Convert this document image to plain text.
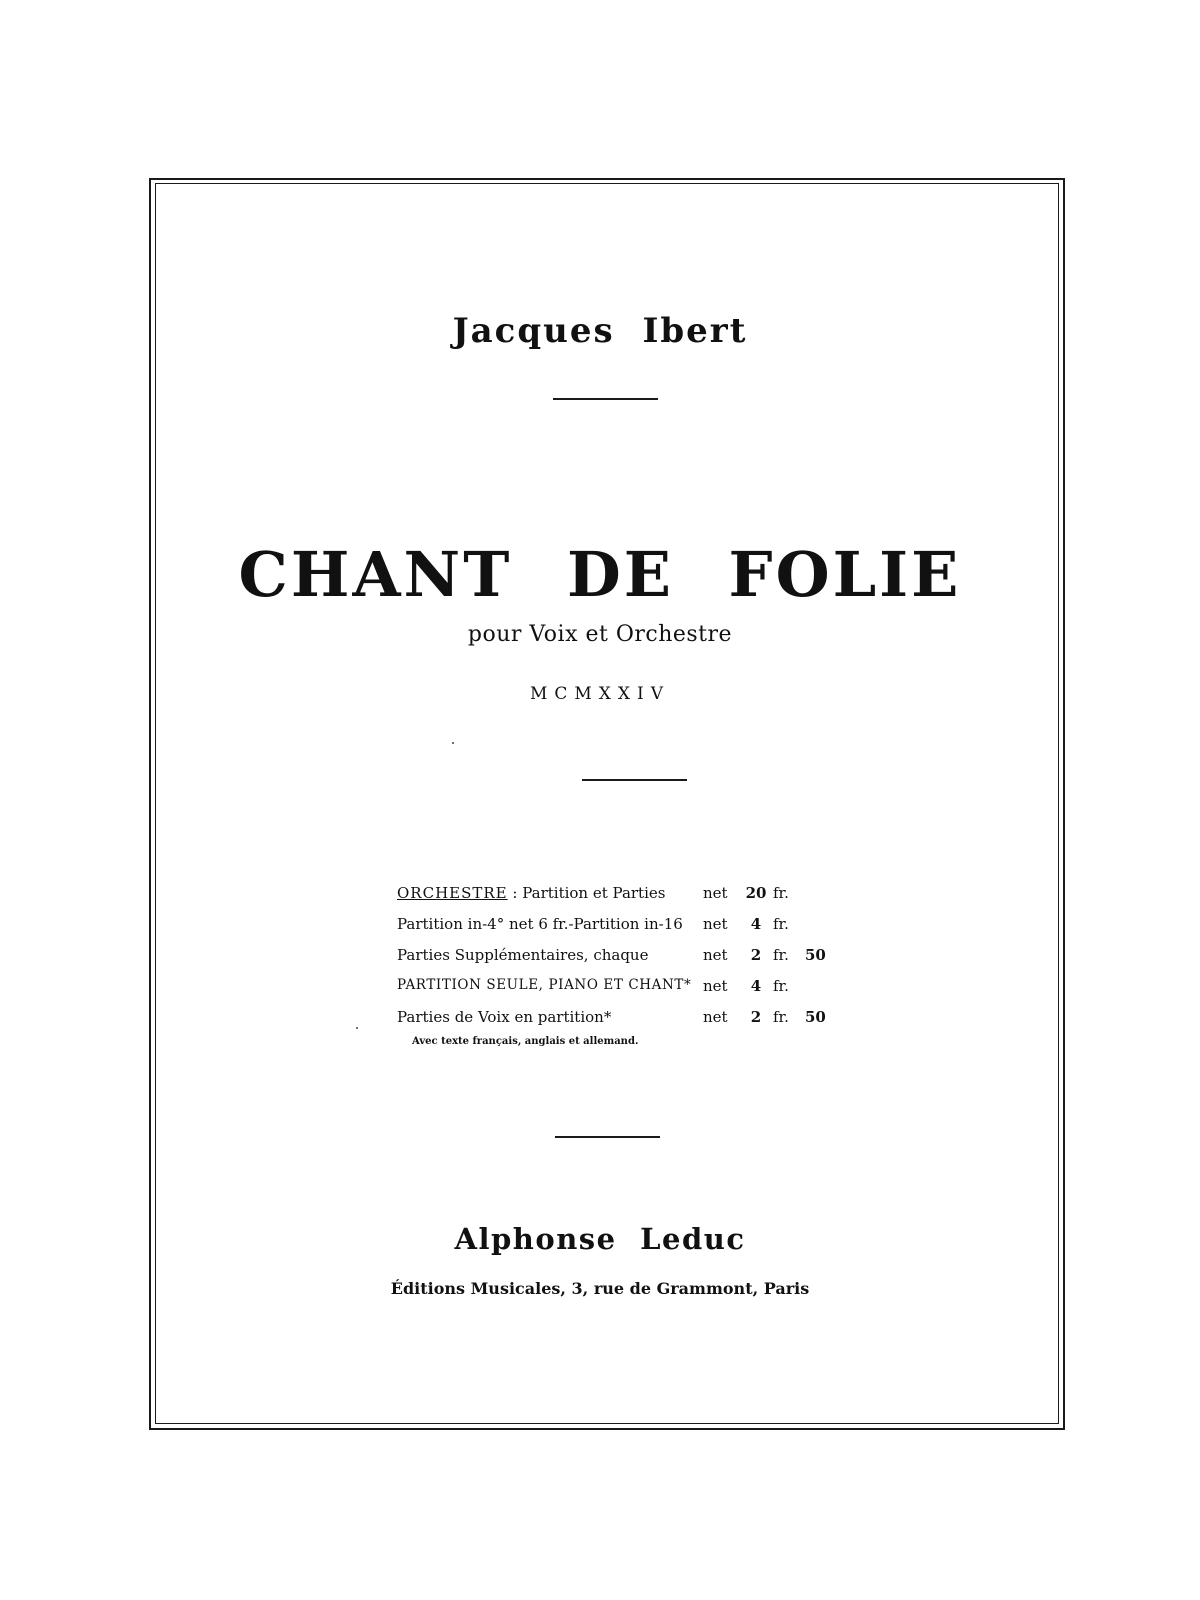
Jacques Ibert
CHANT DE FOLIE
pour Voix et Orchestre
MCMXXIV
ORCHESTRE : Partition et Parties	net	20 fr.
Partition in-4° net 6 fr.-Partition in-16 net	4 fr.
Parties Supplémentaires, chaque	net	2 fr. 50
PARTITION SEULE, PIANO ET CHANT* net	4 fr.
Parties de Voix en partition*	net	2 fr. 50
Avec texte français, anglais et allemand.
Alphonse Leduc
Éditions Musicales, 3, rue de Grammont, Paris
